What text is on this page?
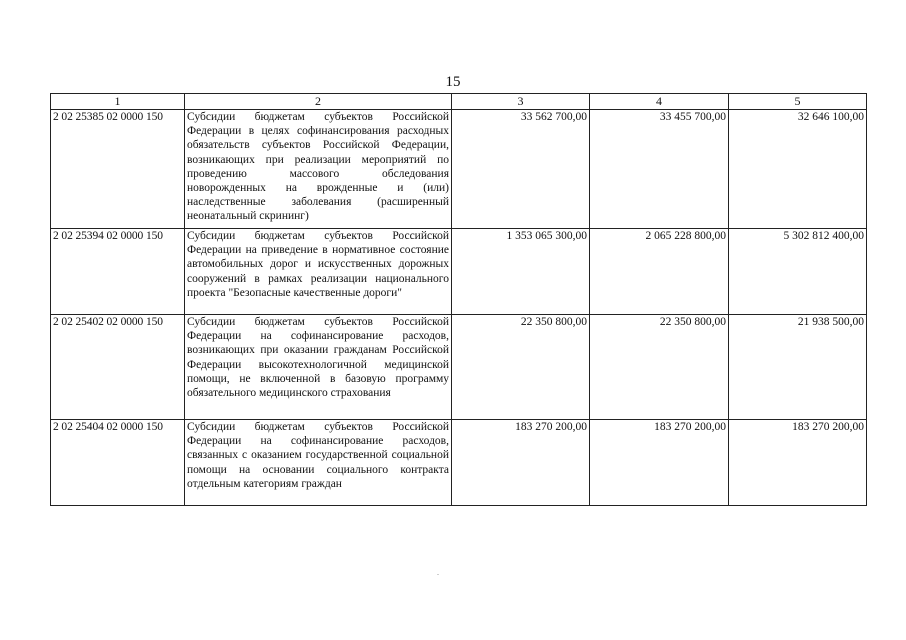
15
1	2	3	4	5
2 02 25385 02 0000 150	Субсидии бюджетам субъектов Российской Федерации в целях софинансирования расходных обязательств субъектов Российской Федерации, возникающих при реализации мероприятий по проведению массового обследования новорожденных на врожденные и (или) наследственные заболевания (расширенный неонатальный скрининг)	33 562 700,00	33 455 700,00	32 646 100,00
2 02 25394 02 0000 150	Субсидии бюджетам субъектов Российской Федерации на приведение в нормативное состояние автомобильных дорог и искусственных дорожных сооружений в рамках реализации национального проекта "Безопасные качественные дороги"	1 353 065 300,00	2 065 228 800,00	5 302 812 400,00
2 02 25402 02 0000 150	Субсидии бюджетам субъектов Российской Федерации на софинансирование расходов, возникающих при оказании гражданам Российской Федерации высокотехнологичной медицинской помощи, не включенной в базовую программу обязательного медицинского страхования	22 350 800,00	22 350 800,00	21 938 500,00
2 02 25404 02 0000 150	Субсидии бюджетам субъектов Российской Федерации на софинансирование расходов, связанных с оказанием государственной социальной помощи на основании социального контракта отдельным категориям граждан	183 270 200,00	183 270 200,00	183 270 200,00
